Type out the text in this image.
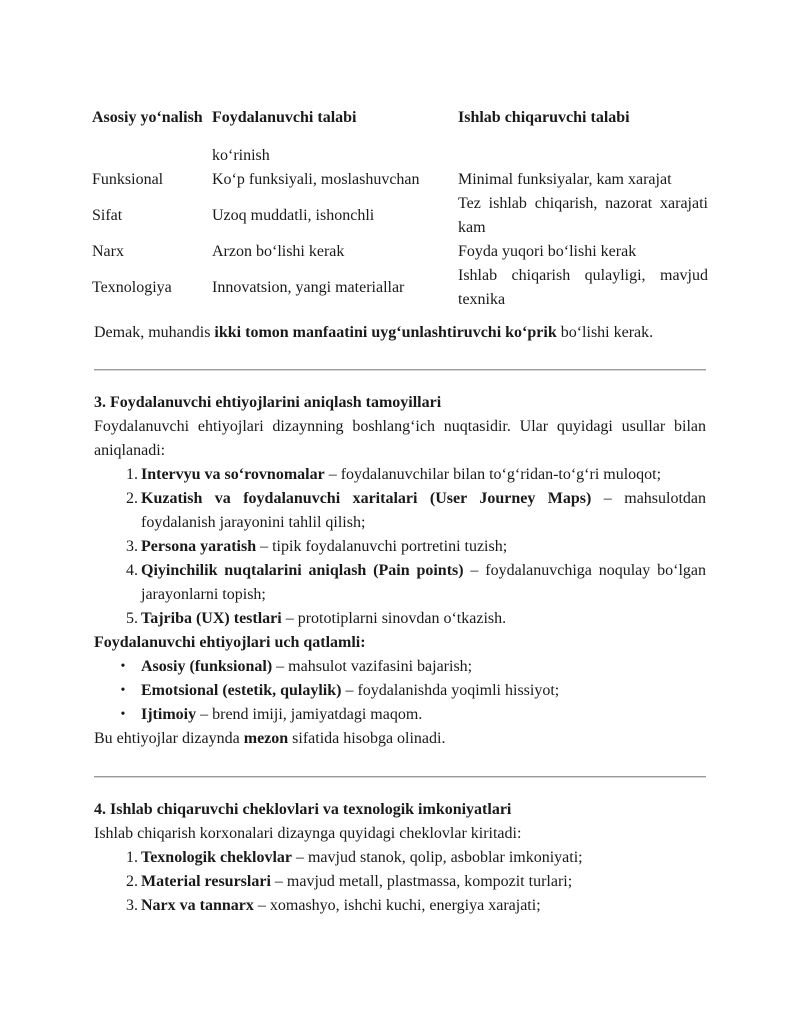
Asosiy yo‘nalish	Foydalanuvchi talabi	Ishlab chiqaruvchi talabi
	ko‘rinish	
Funksional	Ko‘p funksiyali, moslashuvchan	Minimal funksiyalar, kam xarajat
Sifat	Uzoq muddatli, ishonchli	Tez ishlab chiqarish, nazorat xarajati kam

Narx	Arzon bo‘lishi kerak	Foyda yuqori bo‘lishi kerak
Texnologiya	Innovatsion, yangi materiallar	Ishlab chiqarish qulayligi, mavjud texnika
Demak, muhandis ikki tomon manfaatini uyg‘unlashtiruvchi ko‘prik bo‘lishi kerak.
3. Foydalanuvchi ehtiyojlarini aniqlash tamoyillari
Foydalanuvchi ehtiyojlari dizaynning boshlang‘ich nuqtasidir. Ular quyidagi usullar bilan aniqlanadi:
1. Intervyu va so‘rovnomalar – foydalanuvchilar bilan to‘g‘ridan-to‘g‘ri muloqot;
2. Kuzatish va foydalanuvchi xaritalari (User Journey Maps) – mahsulotdan foydalanish jarayonini tahlil qilish;
3. Persona yaratish – tipik foydalanuvchi portretini tuzish;
4. Qiyinchilik nuqtalarini aniqlash (Pain points) – foydalanuvchiga noqulay bo‘lgan jarayonlarni topish;
5. Tajriba (UX) testlari – prototiplarni sinovdan o‘tkazish.
Foydalanuvchi ehtiyojlari uch qatlamli:
• Asosiy (funksional) – mahsulot vazifasini bajarish;
• Emotsional (estetik, qulaylik) – foydalanishda yoqimli hissiyot;
• Ijtimoiy – brend imiji, jamiyatdagi maqom.
Bu ehtiyojlar dizaynda mezon sifatida hisobga olinadi.
4. Ishlab chiqaruvchi cheklovlari va texnologik imkoniyatlari
Ishlab chiqarish korxonalari dizaynga quyidagi cheklovlar kiritadi:
1. Texnologik cheklovlar – mavjud stanok, qolip, asboblar imkoniyati;
2. Material resurslari – mavjud metall, plastmassa, kompozit turlari;
3. Narx va tannarx – xomashyo, ishchi kuchi, energiya xarajati;
